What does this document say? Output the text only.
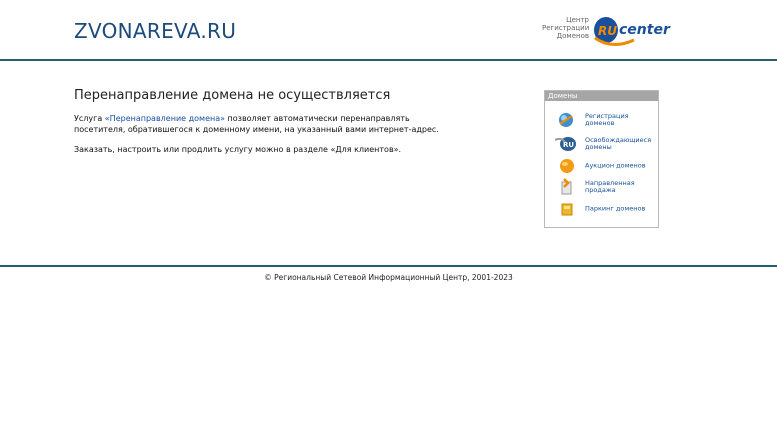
ZVONAREVA.RU	Центр
Регистрации
Доменов RU center
Перенаправление домена не осуществляется
Услуга «Перенаправление домена» позволяет автоматически перенаправлять
посетителя, обратившегося к доменному имени, на указанный вами интернет-адрес.
Заказать, настроить или продлить услугу можно в разделе «Для клиентов».
Домены
Регистрация доменов
RU
Освобождающиеся домены
Аукцион доменов
Направленная продажа
Паркинг доменов
© Региональный Сетевой Информационный Центр, 2001-2023
